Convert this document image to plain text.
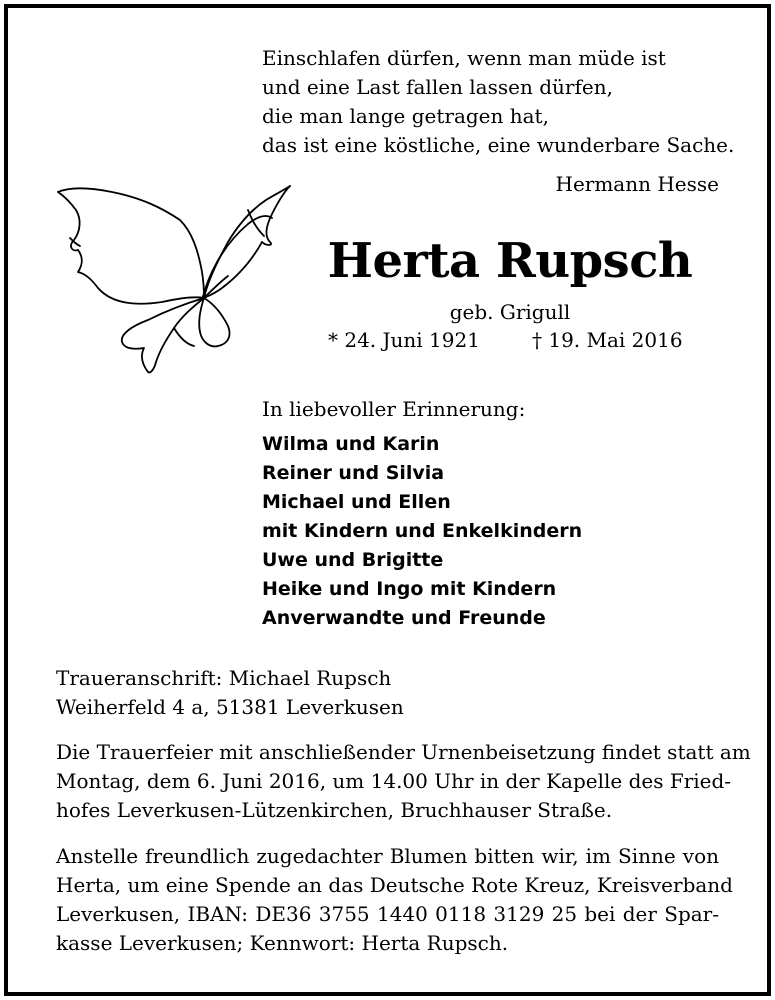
Einschlafen dürfen, wenn man müde ist
und eine Last fallen lassen dürfen,
die man lange getragen hat,
das ist eine köstliche, eine wunderbare Sache.
Hermann Hesse
Herta Rupsch
geb. Grigull
* 24. Juni 1921	† 19. Mai 2016
In liebevoller Erinnerung:
Wilma und Karin
Reiner und Silvia
Michael und Ellen
mit Kindern und Enkelkindern
Uwe und Brigitte
Heike und Ingo mit Kindern
Anverwandte und Freunde
Traueranschrift: Michael Rupsch
Weiherfeld 4 a, 51381 Leverkusen
Die Trauerfeier mit anschließender Urnenbeisetzung findet statt am
Montag, dem 6. Juni 2016, um 14.00 Uhr in der Kapelle des Fried-
hofes Leverkusen-Lützenkirchen, Bruchhauser Straße.
Anstelle freundlich zugedachter Blumen bitten wir, im Sinne von
Herta, um eine Spende an das Deutsche Rote Kreuz, Kreisverband
Leverkusen, IBAN: DE36 3755 1440 0118 3129 25 bei der Spar-
kasse Leverkusen; Kennwort: Herta Rupsch.
